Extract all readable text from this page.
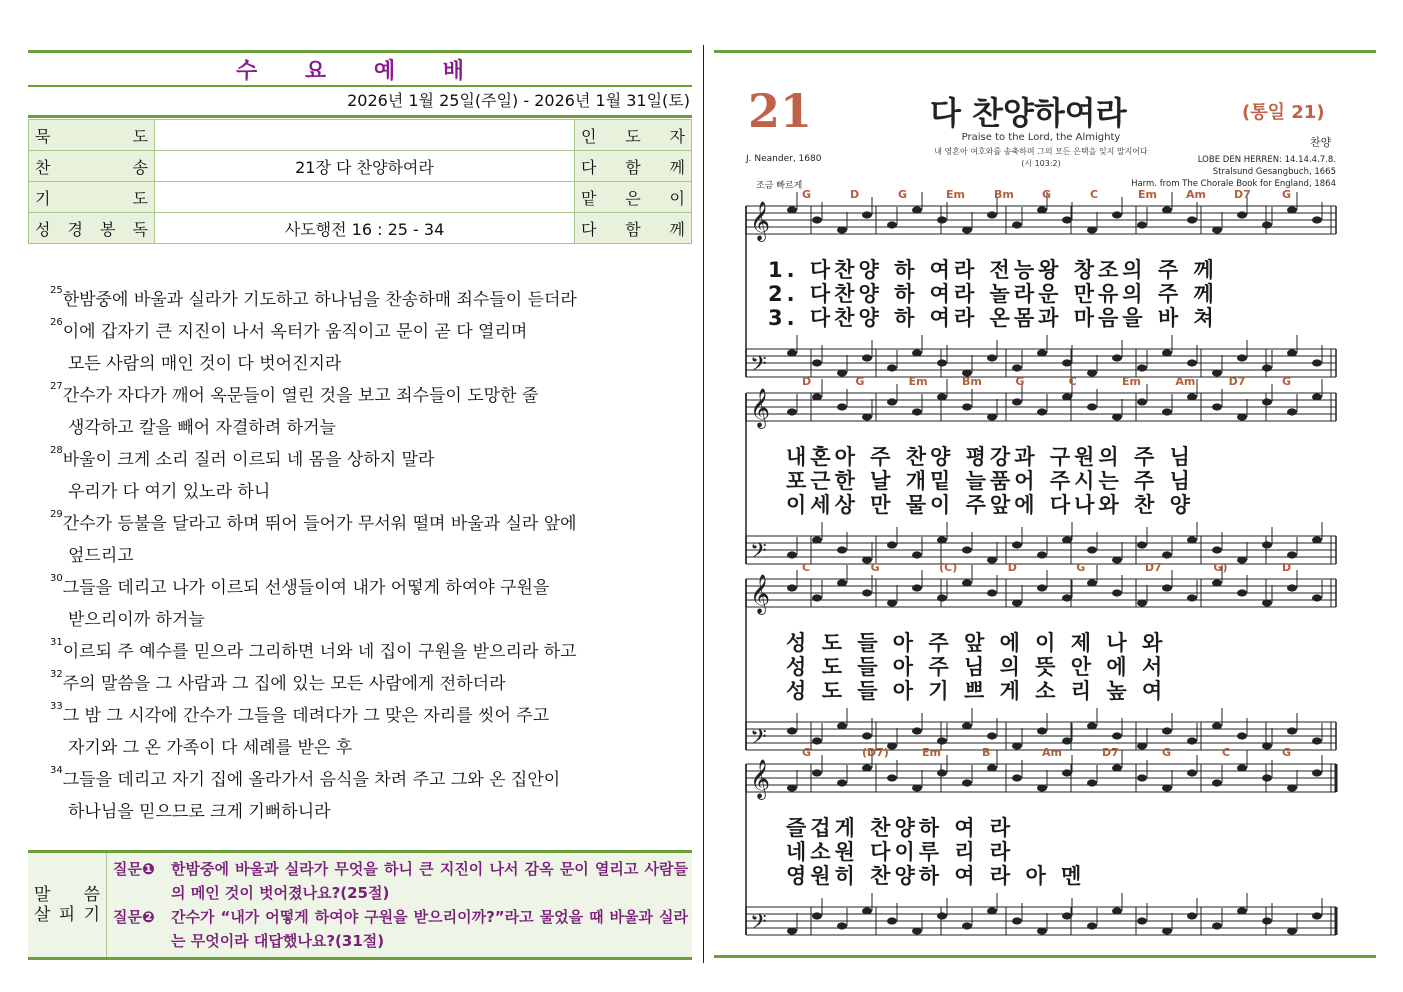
수 요 예 배
2026년 1월 25일(주일) - 2026년 1월 31일(토)
묵 도		인 도 자

찬 송	21장 다 찬양하여라	다 함 께

기 도		맡 은 이

성 경 봉 독	사도행전 16 : 25 - 34	다 함 께
$^{25}$한밤중에 바울과 실라가 기도하고 하나님을 찬송하매 죄수들이 듣더라
$^{26}$이에 갑자기 큰 지진이 나서 옥터가 움직이고 문이 곧 다 열리며
모든 사람의 매인 것이 다 벗어진지라
$^{27}$간수가 자다가 깨어 옥문들이 열린 것을 보고 죄수들이 도망한 줄
생각하고 칼을 빼어 자결하려 하거늘
$^{28}$바울이 크게 소리 질러 이르되 네 몸을 상하지 말라
우리가 다 여기 있노라 하니
$^{29}$간수가 등불을 달라고 하며 뛰어 들어가 무서워 떨며 바울과 실라 앞에
엎드리고
$^{30}$그들을 데리고 나가 이르되 선생들이여 내가 어떻게 하여야 구원을
받으리이까 하거늘
$^{31}$이르되 주 예수를 믿으라 그리하면 너와 네 집이 구원을 받으리라 하고
$^{32}$주의 말씀을 그 사람과 그 집에 있는 모든 사람에게 전하더라
$^{33}$그 밤 그 시각에 간수가 그들을 데려다가 그 맞은 자리를 씻어 주고
자기와 그 온 가족이 다 세례를 받은 후
$^{34}$그들을 데리고 자기 집에 올라가서 음식을 차려 주고 그와 온 집안이
하나님을 믿으므로 크게 기뻐하니라
말 씀
살 피 기
질문❶	한밤중에 바울과 실라가 무엇을 하니 큰 지진이 나서 감옥 문이 열리고 사람들의 메인 것이 벗어졌나요?(25절)
질문❷	간수가 “내가 어떻게 하여야 구원을 받으리이까?”라고 물었을 때 바울과 실라는 무엇이라 대답했나요?(31절)
21	다 찬양하여라	(통일 21)
Praise to the Lord, the Almighty
내 영혼아 여호와를 송축하며 그의 모든 은택을 잊지 말지어다
(시 103:2)
찬양
J. Neander, 1680	LOBE DEN HERREN: 14.14.4.7.8.
Stralsund Gesangbuch, 1665
Harm. from The Chorale Book for England, 1864
조금 빠르게
𝄞
𝄢
𝄞
𝄢
𝄞
𝄢
𝄞
𝄢
1. 다찬양 하 여라 전능왕 창조의 주 께
2. 다찬양 하 여라 놀라운 만유의 주 께
3. 다찬양 하 여라 온몸과 마음을 바 쳐
내혼아 주 찬양 평강과 구원의 주 님
포근한 날 개밑 늘품어 주시는 주 님
이세상 만 물이 주앞에 다나와 찬 양
성 도 들 아 주 앞 에 이 제 나 와
성 도 들 아 주 님 의 뜻 안 에 서
성 도 들 아 기 쁘 게 소 리 높 여
즐겁게 찬양하 여 라
네소원 다이루 리 라
영원히 찬양하 여 라 아 멘
G	D	G	Em	Bm	G	C	Em	Am	D7	G
D	G	Em	Bm	G	C	Em	Am	D7	G
C	G	(C)	D	G	D7	G)	D
G	(D7)	Em	B	Am	D7	G	C	G
